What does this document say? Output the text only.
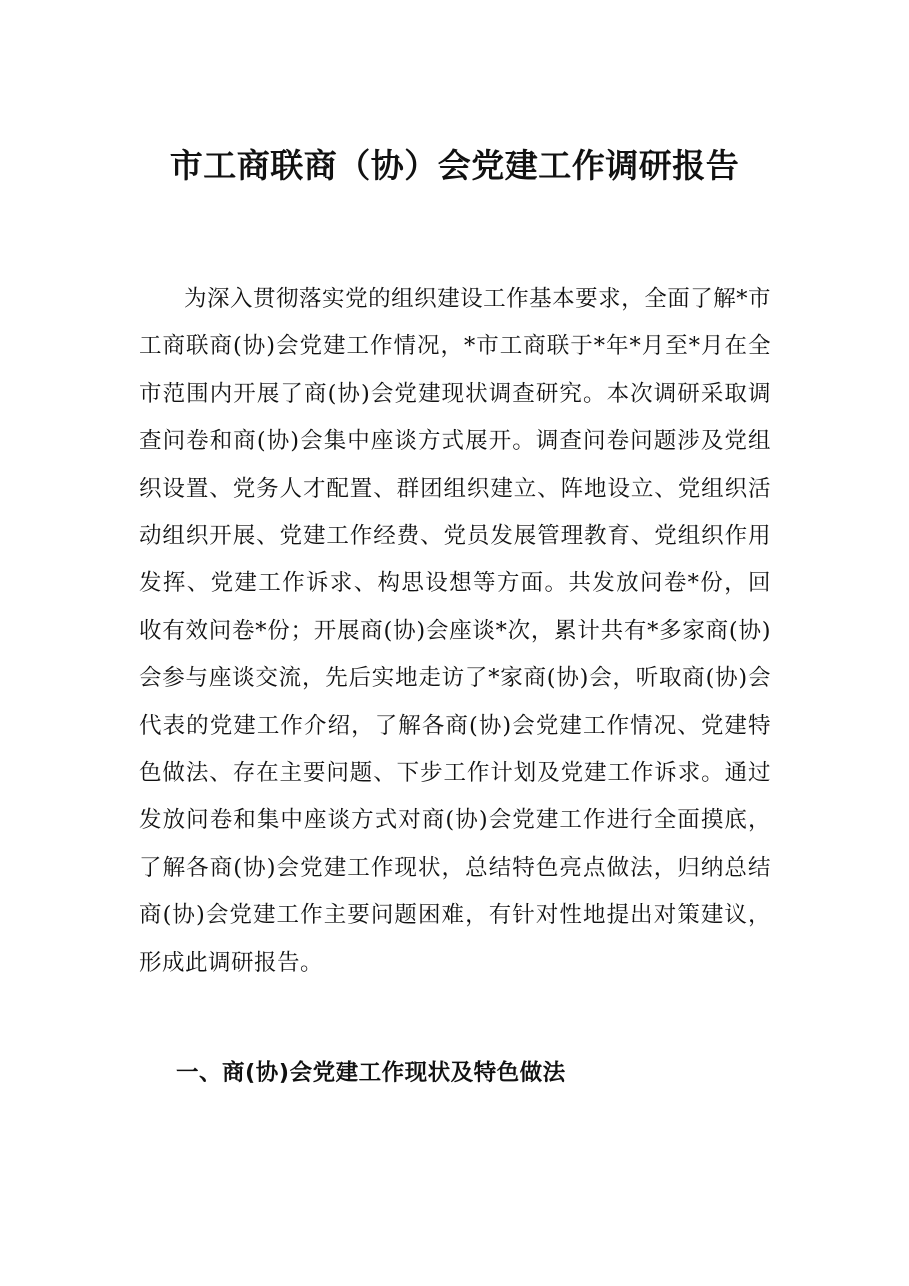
市工商联商（协）会党建工作调研报告

为深入贯彻落实党的组织建设工作基本要求，全面了解*市工商联商(协)会党建工作情况，*市工商联于*年*月至*月在全市范围内开展了商(协)会党建现状调查研究。本次调研采取调查问卷和商(协)会集中座谈方式展开。调查问卷问题涉及党组织设置、党务人才配置、群团组织建立、阵地设立、党组织活动组织开展、党建工作经费、党员发展管理教育、党组织作用发挥、党建工作诉求、构思设想等方面。共发放问卷*份，回收有效问卷*份；开展商(协)会座谈*次，累计共有*多家商(协)会参与座谈交流，先后实地走访了*家商(协)会，听取商(协)会代表的党建工作介绍，了解各商(协)会党建工作情况、党建特色做法、存在主要问题、下步工作计划及党建工作诉求。通过发放问卷和集中座谈方式对商(协)会党建工作进行全面摸底，了解各商(协)会党建工作现状，总结特色亮点做法，归纳总结商(协)会党建工作主要问题困难，有针对性地提出对策建议，形成此调研报告。

一、商(协)会党建工作现状及特色做法
